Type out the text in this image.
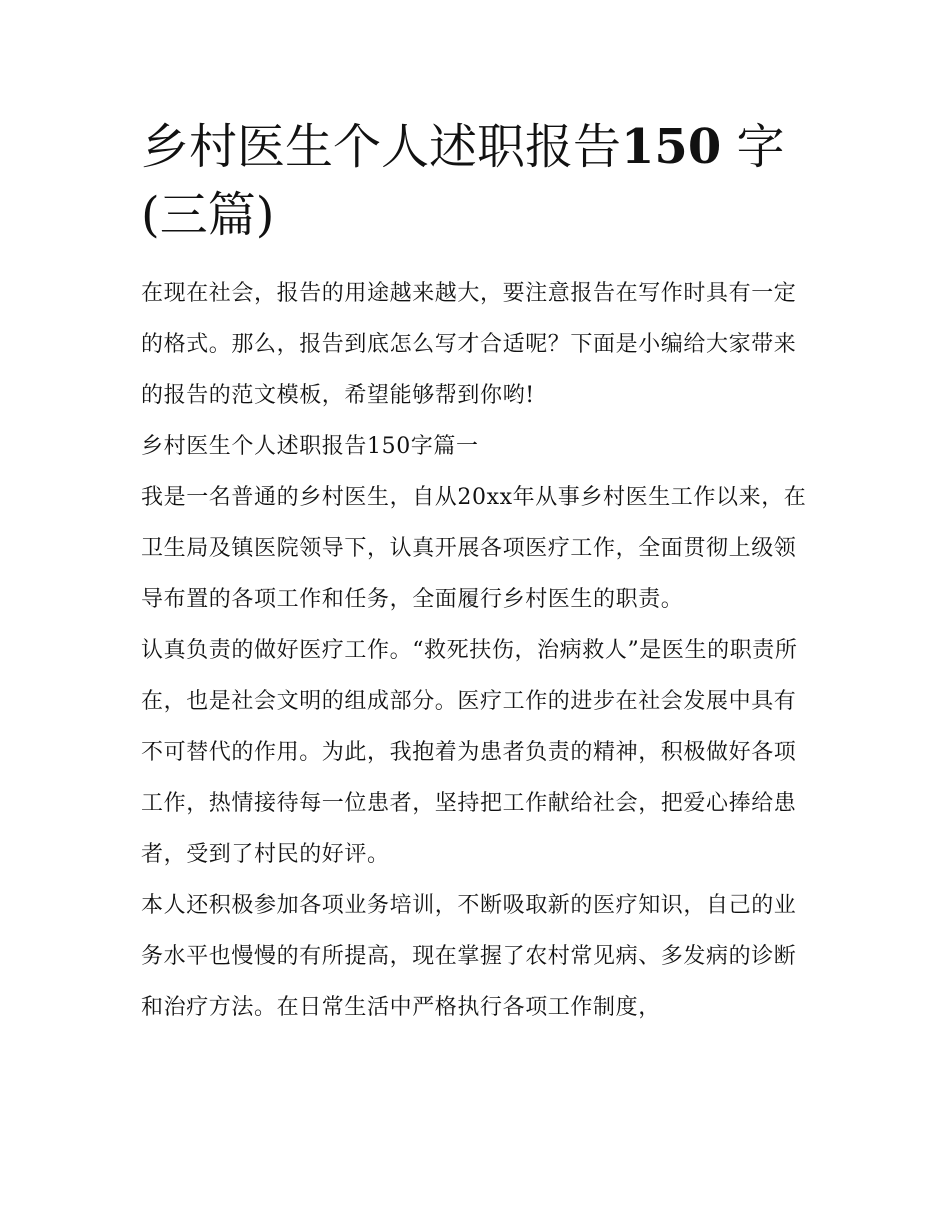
乡村医生个人述职报告150 字
(三篇)

在现在社会，报告的用途越来越大，要注意报告在写作时具有一定的格式。那么，报告到底怎么写才合适呢？下面是小编给大家带来的报告的范文模板，希望能够帮到你哟!

乡村医生个人述职报告150字篇一

我是一名普通的乡村医生，自从20xx年从事乡村医生工作以来，在卫生局及镇医院领导下，认真开展各项医疗工作，全面贯彻上级领导布置的各项工作和任务，全面履行乡村医生的职责。

认真负责的做好医疗工作。“救死扶伤，治病救人”是医生的职责所在，也是社会文明的组成部分。医疗工作的进步在社会发展中具有不可替代的作用。为此，我抱着为患者负责的精神，积极做好各项工作，热情接待每一位患者，坚持把工作献给社会，把爱心捧给患者，受到了村民的好评。

本人还积极参加各项业务培训，不断吸取新的医疗知识，自己的业务水平也慢慢的有所提高，现在掌握了农村常见病、多发病的诊断和治疗方法。在日常生活中严格执行各项工作制度，
